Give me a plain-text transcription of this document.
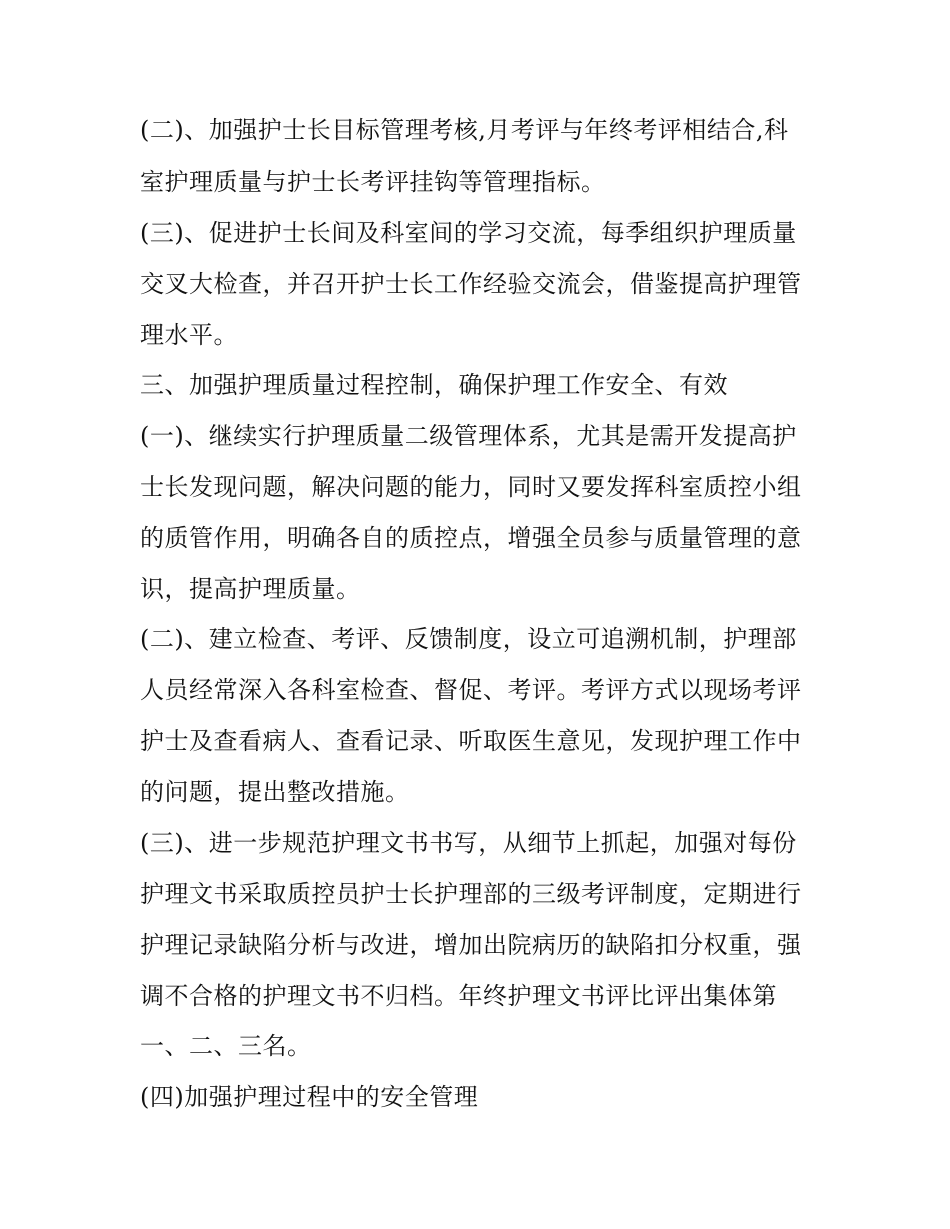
(二)、加强护士长目标管理考核,月考评与年终考评相结合,科
室护理质量与护士长考评挂钩等管理指标。
(三)、促进护士长间及科室间的学习交流，每季组织护理质量
交叉大检查，并召开护士长工作经验交流会，借鉴提高护理管
理水平。
三、加强护理质量过程控制，确保护理工作安全、有效
(一)、继续实行护理质量二级管理体系，尤其是需开发提高护
士长发现问题，解决问题的能力，同时又要发挥科室质控小组
的质管作用，明确各自的质控点，增强全员参与质量管理的意
识，提高护理质量。
(二)、建立检查、考评、反馈制度，设立可追溯机制，护理部
人员经常深入各科室检查、督促、考评。考评方式以现场考评
护士及查看病人、查看记录、听取医生意见，发现护理工作中
的问题，提出整改措施。
(三)、进一步规范护理文书书写，从细节上抓起，加强对每份
护理文书采取质控员护士长护理部的三级考评制度，定期进行
护理记录缺陷分析与改进，增加出院病历的缺陷扣分权重，强
调不合格的护理文书不归档。年终护理文书评比评出集体第
一、二、三名。
(四)加强护理过程中的安全管理
